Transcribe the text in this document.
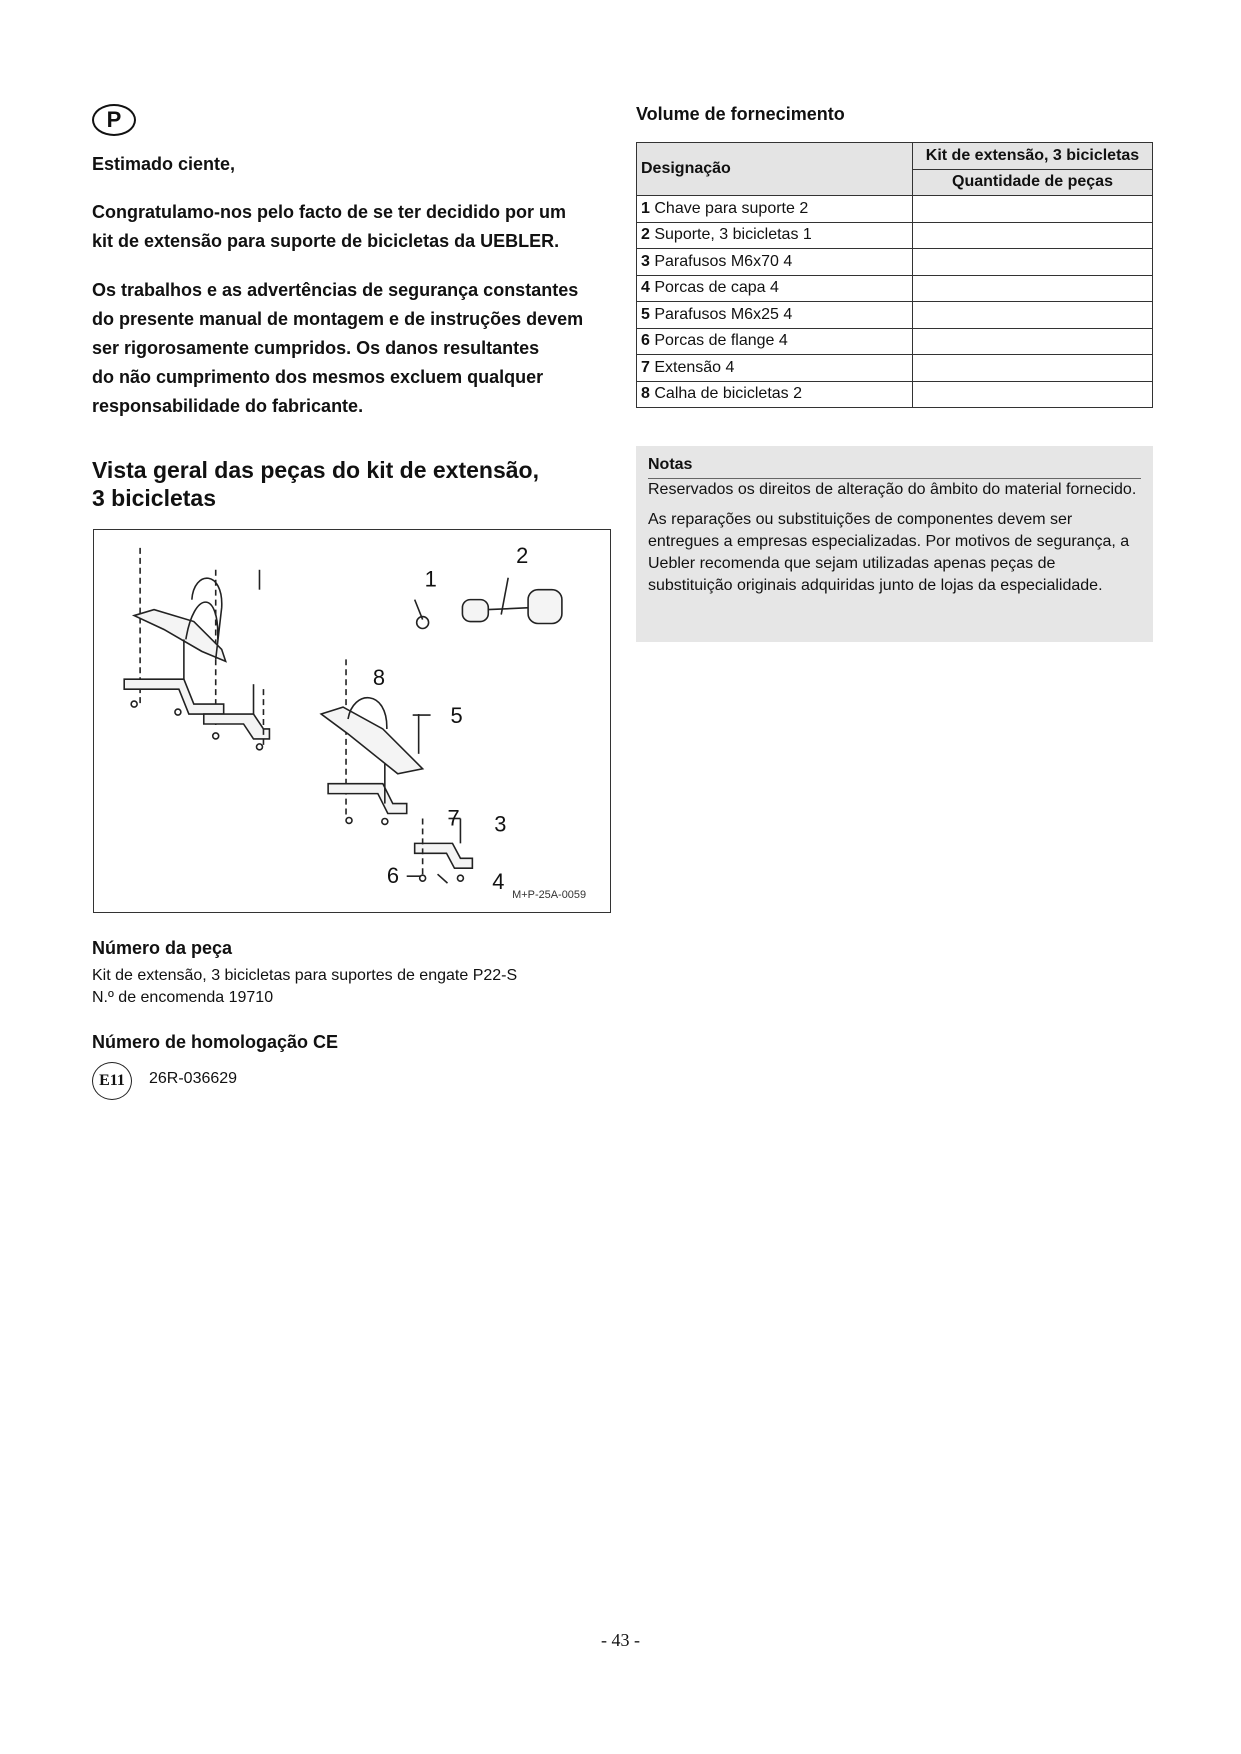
P
Estimado ciente,
Congratulamo-nos pelo facto de se ter decidido por um
kit de extensão para suporte de bicicletas da UEBLER.
Os trabalhos e as advertências de segurança constantes
do presente manual de montagem e de instruções devem
ser rigorosamente cumpridos. Os danos resultantes
do não cumprimento dos mesmos excluem qualquer
responsabilidade do fabricante.
Vista geral das peças do kit de extensão,
3 bicicletas
1
2
3
4
5
6
7
8
M+P-25A-0059
Número da peça
Kit de extensão, 3 bicicletas para suportes de engate P22-S
N.º de encomenda 19710
Número de homologação CE
E11	26R-036629
Volume de fornecimento
Designação	Kit de extensão, 3 bicicletas
	Quantidade de peças
1 Chave para suporte 2	
2 Suporte, 3 bicicletas 1	
3 Parafusos M6x70 4	
4 Porcas de capa 4	
5 Parafusos M6x25 4	
6 Porcas de flange 4	
7 Extensão 4	
8 Calha de bicicletas 2	
Notas

Reservados os direitos de alteração do âmbito do material fornecido.

As reparações ou substituições de componentes devem ser entregues a empresas especializadas. Por motivos de segurança, a Uebler recomenda que sejam utilizadas apenas peças de substituição originais adquiridas junto de lojas da especialidade.

- 43 -
